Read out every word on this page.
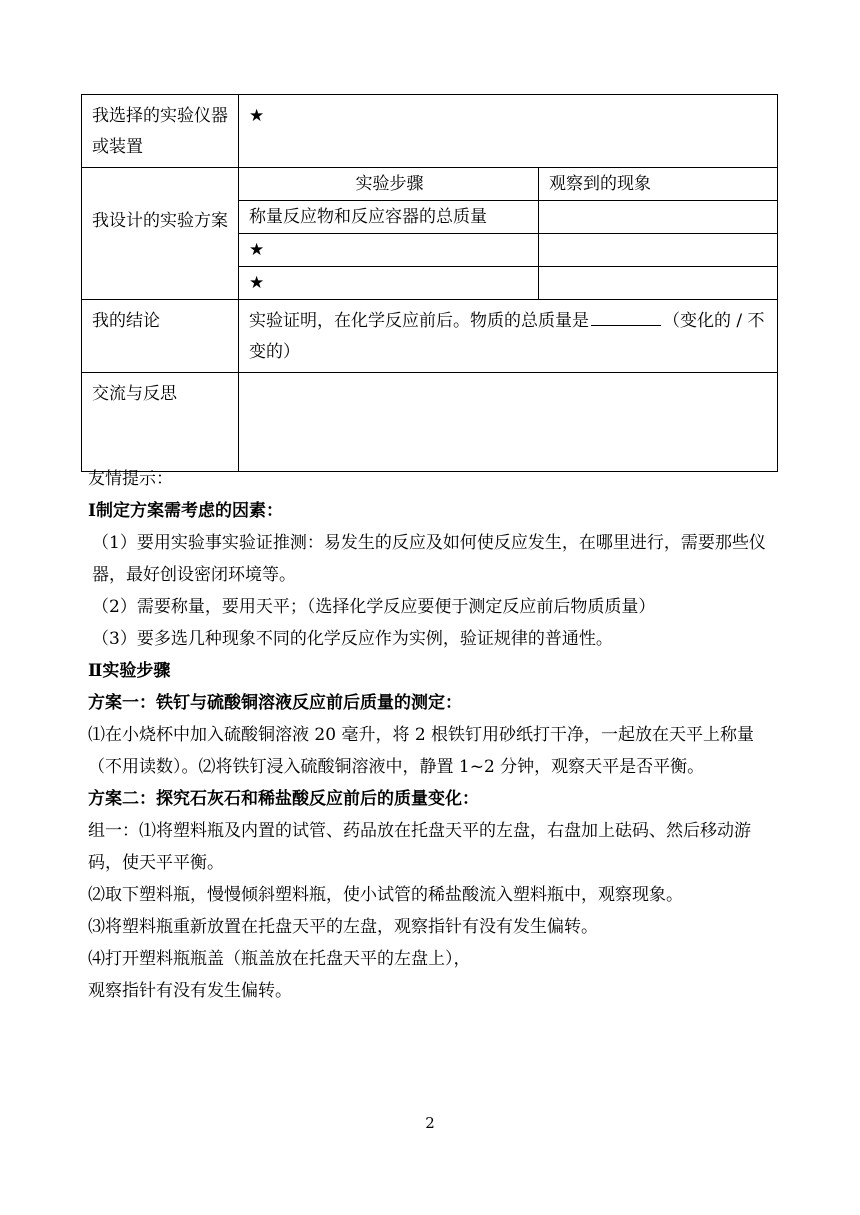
我选择的实验仪器或装置	★	
我设计的实验方案	实验步骤	观察到的现象
	称量反应物和反应容器的总质量	
	★	
	★	
我的结论	实验证明，在化学反应前后。物质的总质量是 （变化的 / 不变的）	
交流与反思		

友情提示：

Ⅰ制定方案需考虑的因素：

（1）要用实验事实验证推测：易发生的反应及如何使反应发生，在哪里进行，需要那些仪器，最好创设密闭环境等。

（2）需要称量，要用天平；（选择化学反应要便于测定反应前后物质质量）

（3）要多选几种现象不同的化学反应作为实例，验证规律的普通性。

Ⅱ实验步骤

方案一：铁钉与硫酸铜溶液反应前后质量的测定：

⑴在小烧杯中加入硫酸铜溶液 20 毫升，将 2 根铁钉用砂纸打干净，一起放在天平上称量（不用读数）。⑵将铁钉浸入硫酸铜溶液中，静置 1~2 分钟，观察天平是否平衡。

方案二：探究石灰石和稀盐酸反应前后的质量变化：

组一：⑴将塑料瓶及内置的试管、药品放在托盘天平的左盘，右盘加上砝码、然后移动游码，使天平平衡。

⑵取下塑料瓶，慢慢倾斜塑料瓶，使小试管的稀盐酸流入塑料瓶中，观察现象。

⑶将塑料瓶重新放置在托盘天平的左盘，观察指针有没有发生偏转。

⑷打开塑料瓶瓶盖（瓶盖放在托盘天平的左盘上），

观察指针有没有发生偏转。

2
